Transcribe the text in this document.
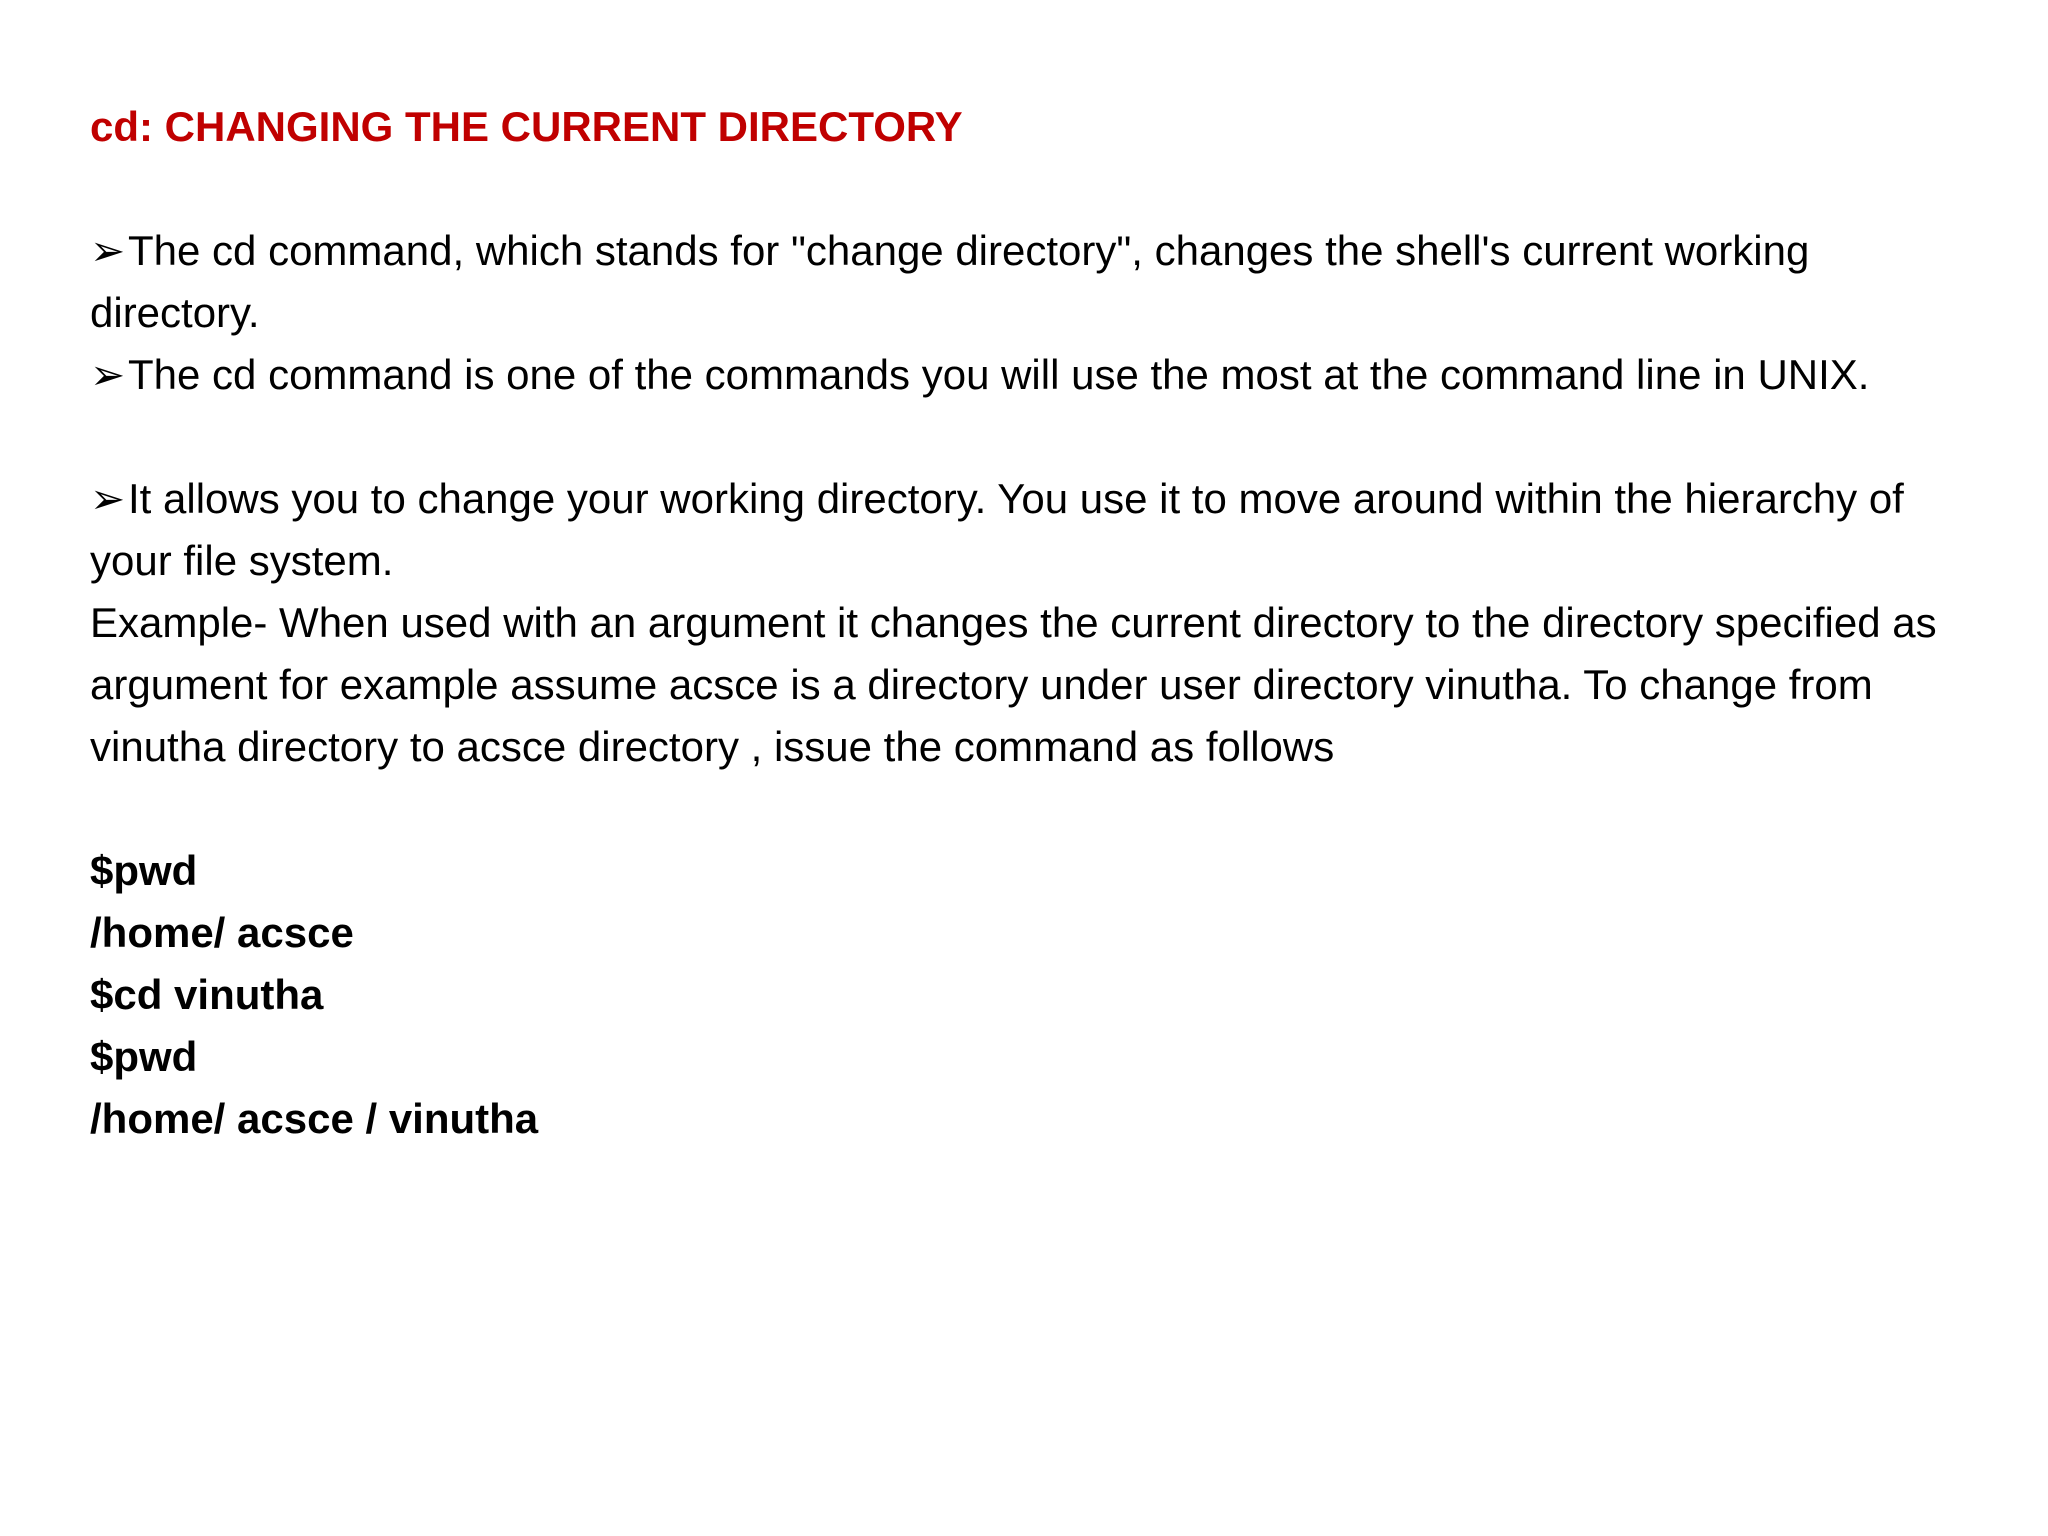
cd: CHANGING THE CURRENT DIRECTORY

➢The cd command, which stands for "change directory", changes the shell's current working directory.

➢The cd command is one of the commands you will use the most at the command line in UNIX.

➢It allows you to change your working directory. You use it to move around within the hierarchy of your file system.

Example- When used with an argument it changes the current directory to the directory specified as argument for example assume acsce is a directory under user directory vinutha. To change from vinutha directory to acsce directory , issue the command as follows

$pwd

/home/ acsce

$cd vinutha

$pwd

/home/ acsce / vinutha
